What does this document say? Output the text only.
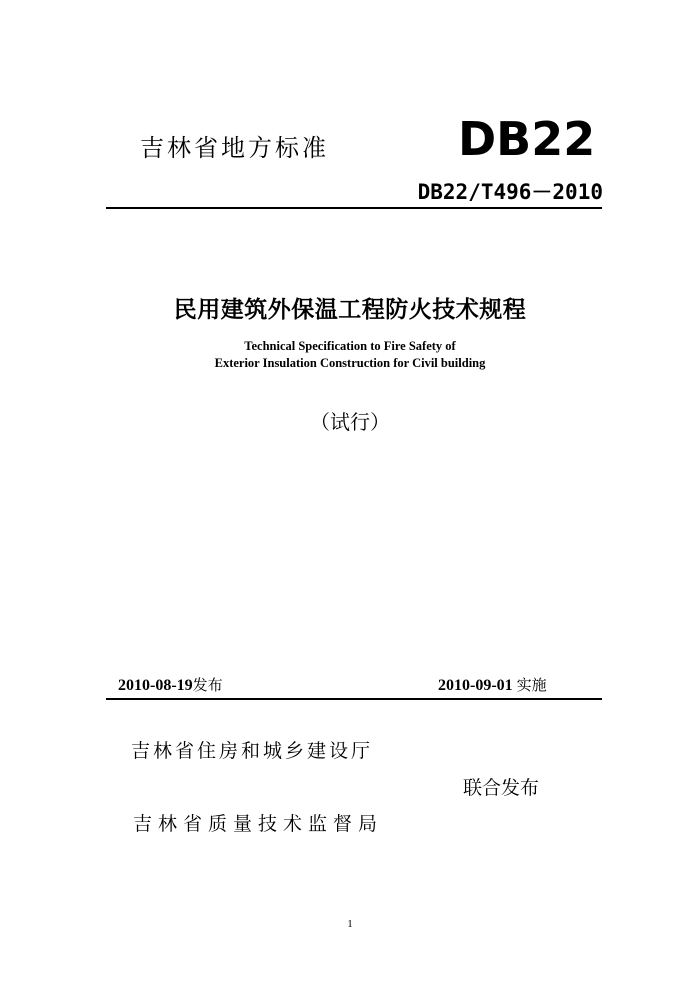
吉林省地方标准	DB22
DB22/T496－2010
民用建筑外保温工程防火技术规程
Technical Specification to Fire Safety of
Exterior Insulation Construction for Civil building
（试行）
2010-08-19发布	2010-09-01 实施
吉林省住房和城乡建设厅
联合发布
吉林省质量技术监督局
1
